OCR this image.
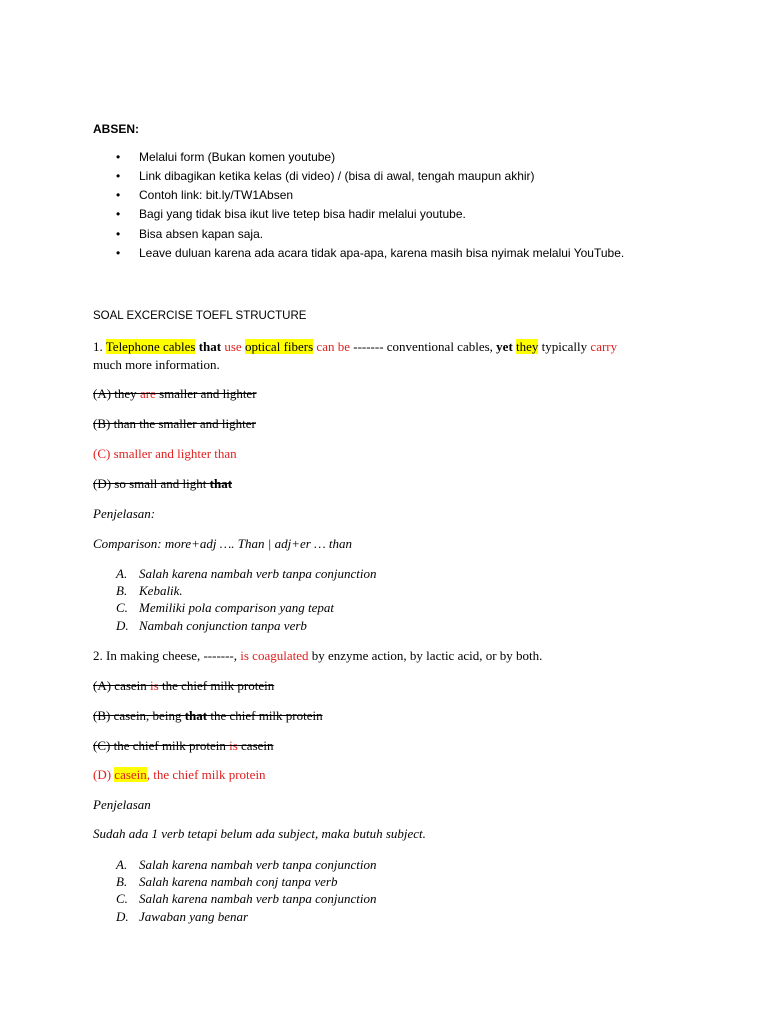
ABSEN:
• Melalui form (Bukan komen youtube)
• Link dibagikan ketika kelas (di video) / (bisa di awal, tengah maupun akhir)
• Contoh link: bit.ly/TW1Absen
• Bagi yang tidak bisa ikut live tetep bisa hadir melalui youtube.
• Bisa absen kapan saja.
• Leave duluan karena ada acara tidak apa-apa, karena masih bisa nyimak melalui YouTube.
SOAL EXCERCISE TOEFL STRUCTURE
1. Telephone cables that use optical fibers can be ------- conventional cables, yet they typically carry
much more information.
(A) they are smaller and lighter
(B) than the smaller and lighter
(C) smaller and lighter than
(D) so small and light that
Penjelasan:
Comparison: more+adj …. Than | adj+er … than
A. Salah karena nambah verb tanpa conjunction
B. Kebalik.
C. Memiliki pola comparison yang tepat
D. Nambah conjunction tanpa verb
2. In making cheese, -------, is coagulated by enzyme action, by lactic acid, or by both.
(A) casein is the chief milk protein
(B) casein, being that the chief milk protein
(C) the chief milk protein is casein
(D) casein, the chief milk protein
Penjelasan
Sudah ada 1 verb tetapi belum ada subject, maka butuh subject.
A. Salah karena nambah verb tanpa conjunction
B. Salah karena nambah conj tanpa verb
C. Salah karena nambah verb tanpa conjunction
D. Jawaban yang benar
